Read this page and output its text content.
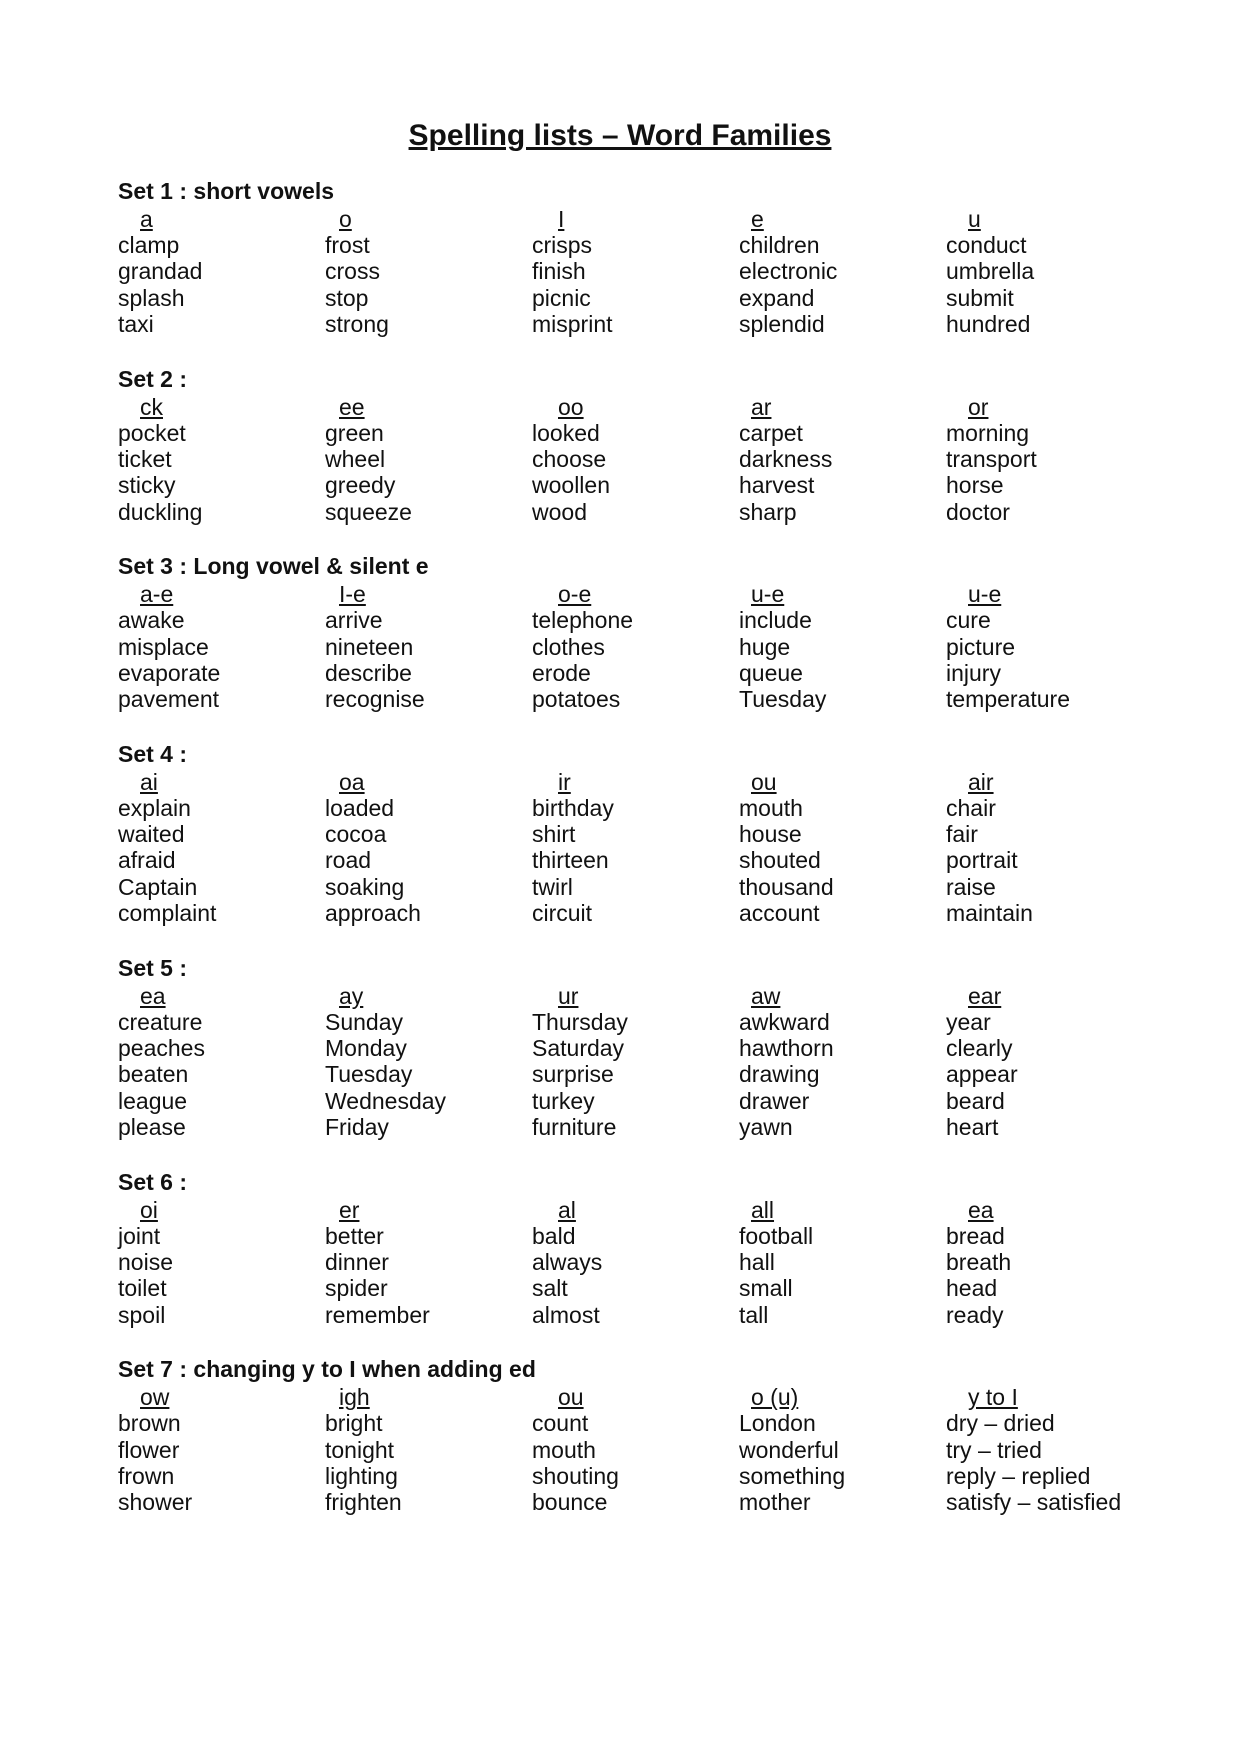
Spelling lists – Word Families
Set 1 : short vowels
a
clamp
grandad
splash
taxi
o
frost
cross
stop
strong
I
crisps
finish
picnic
misprint
e
children
electronic
expand
splendid
u
conduct
umbrella
submit
hundred
Set 2 :
ck
pocket
ticket
sticky
duckling
ee
green
wheel
greedy
squeeze
oo
looked
choose
woollen
wood
ar
carpet
darkness
harvest
sharp
or
morning
transport
horse
doctor
Set 3 : Long vowel & silent e
a-e
awake
misplace
evaporate
pavement
I-e
arrive
nineteen
describe
recognise
o-e
telephone
clothes
erode
potatoes
u-e
include
huge
queue
Tuesday
u-e
cure
picture
injury
temperature
Set 4 :
ai
explain
waited
afraid
Captain
complaint
oa
loaded
cocoa
road
soaking
approach
ir
birthday
shirt
thirteen
twirl
circuit
ou
mouth
house
shouted
thousand
account
air
chair
fair
portrait
raise
maintain
Set 5 :
ea
creature
peaches
beaten
league
please
ay
Sunday
Monday
Tuesday
Wednesday
Friday
ur
Thursday
Saturday
surprise
turkey
furniture
aw
awkward
hawthorn
drawing
drawer
yawn
ear
year
clearly
appear
beard
heart
Set 6 :
oi
joint
noise
toilet
spoil
er
better
dinner
spider
remember
al
bald
always
salt
almost
all
football
hall
small
tall
ea
bread
breath
head
ready
Set 7 : changing y to I when adding ed
ow
brown
flower
frown
shower
igh
bright
tonight
lighting
frighten
ou
count
mouth
shouting
bounce
o (u)
London
wonderful
something
mother
y to I
dry – dried
try – tried
reply – replied
satisfy – satisfied
